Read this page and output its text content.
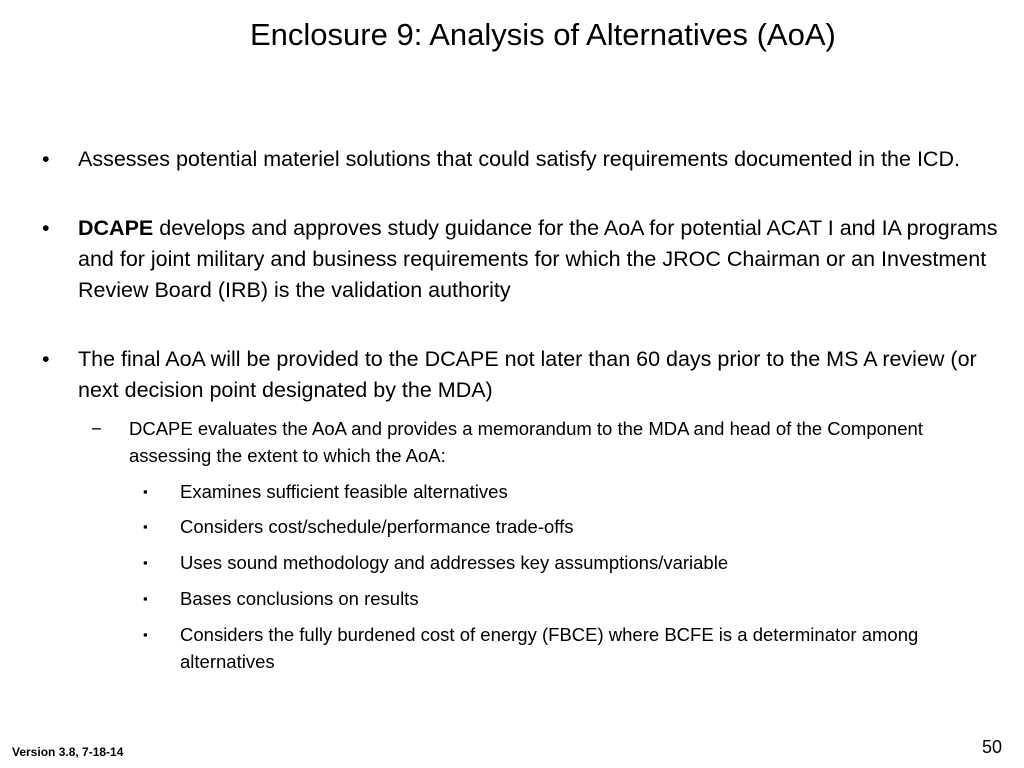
Enclosure 9: Analysis of Alternatives (AoA)
•	Assesses potential materiel solutions that could satisfy requirements documented in the ICD.
•	DCAPE develops and approves study guidance for the AoA for potential ACAT I and IA programs and for joint military and business requirements for which the JROC Chairman or an Investment Review Board (IRB) is the validation authority
•	The final AoA will be provided to the DCAPE not later than 60 days prior to the MS A review (or next decision point designated by the MDA)
− DCAPE evaluates the AoA and provides a memorandum to the MDA and head of the Component assessing the extent to which the AoA:
▪ Examines sufficient feasible alternatives
▪ Considers cost/schedule/performance trade-offs
▪ Uses sound methodology and addresses key assumptions/variable
▪ Bases conclusions on results
▪ Considers the fully burdened cost of energy (FBCE) where BCFE is a determinator among alternatives
Version 3.8, 7-18-14	50
